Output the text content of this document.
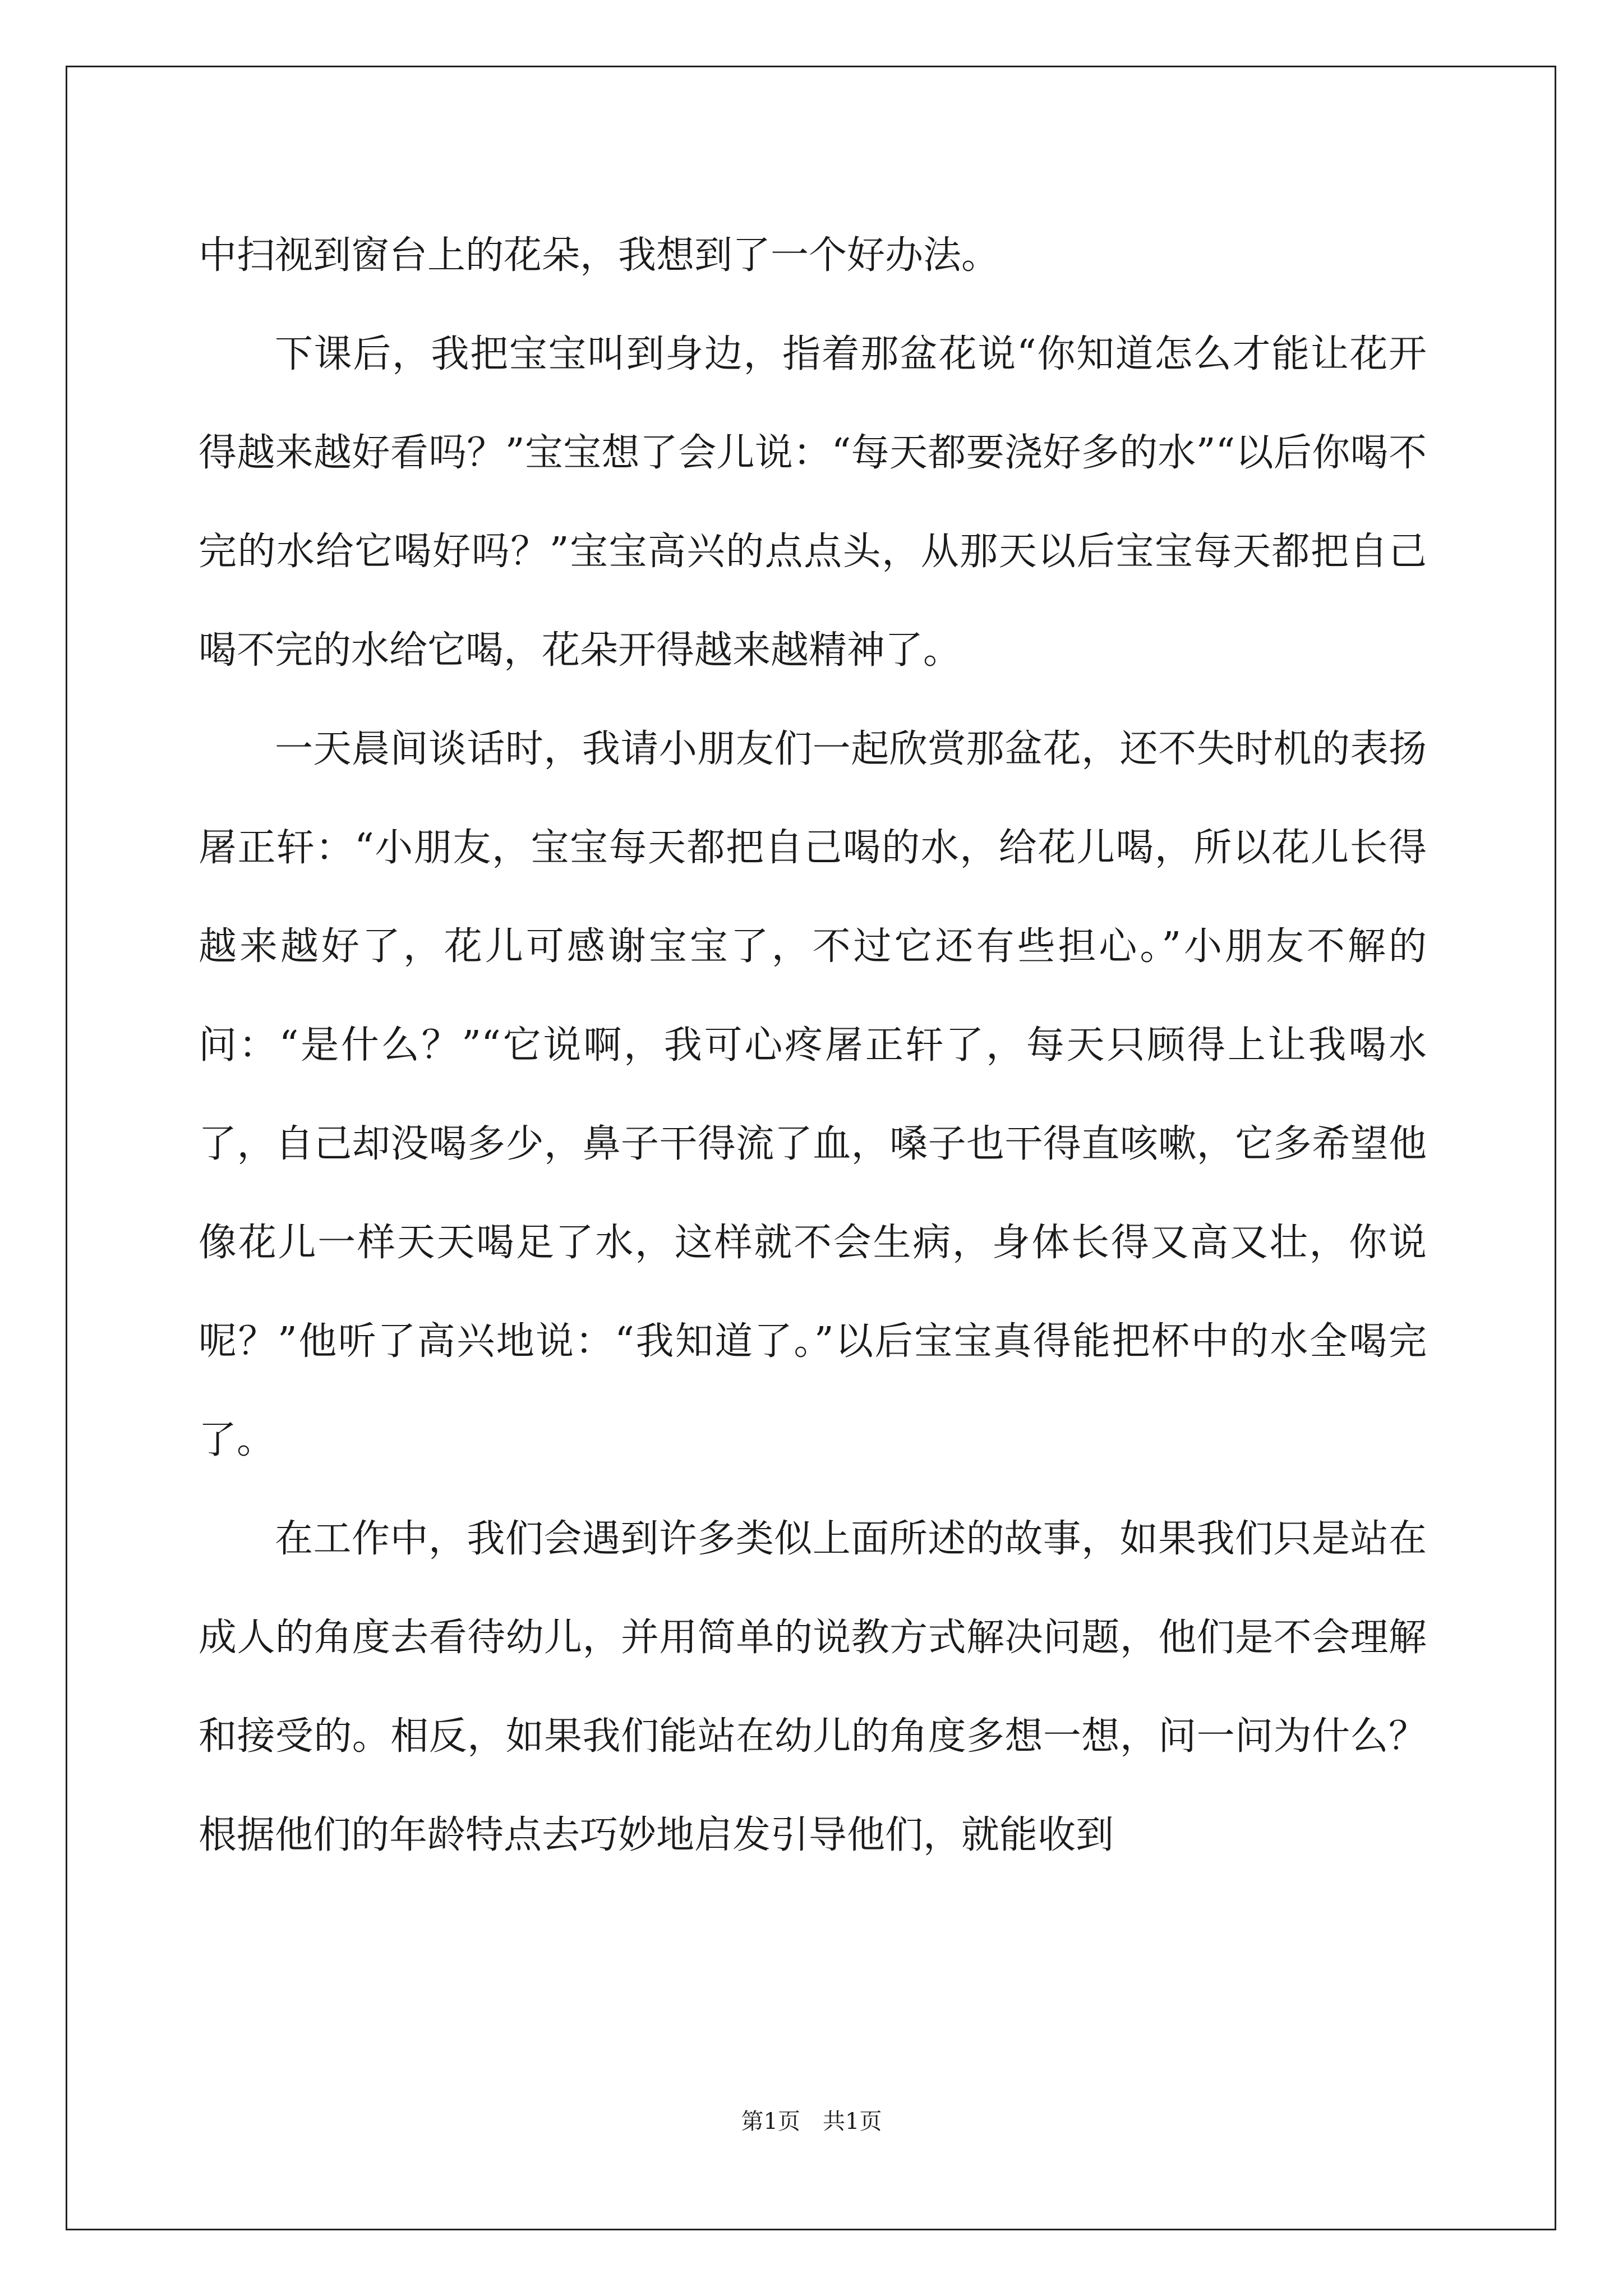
中扫视到窗台上的花朵，我想到了一个好办法。

下课后，我把宝宝叫到身边，指着那盆花说“你知道怎么才能让花开得越来越好看吗？”宝宝想了会儿说：“每天都要浇好多的水”“以后你喝不完的水给它喝好吗？”宝宝高兴的点点头，从那天以后宝宝每天都把自己喝不完的水给它喝，花朵开得越来越精神了。

一天晨间谈话时，我请小朋友们一起欣赏那盆花，还不失时机的表扬屠正轩：“小朋友，宝宝每天都把自己喝的水，给花儿喝，所以花儿长得越来越好了，花儿可感谢宝宝了，不过它还有些担心。”小朋友不解的问：“是什么？”“它说啊，我可心疼屠正轩了，每天只顾得上让我喝水了，自己却没喝多少，鼻子干得流了血，嗓子也干得直咳嗽，它多希望他像花儿一样天天喝足了水，这样就不会生病，身体长得又高又壮，你说呢？”他听了高兴地说：“我知道了。”以后宝宝真得能把杯中的水全喝完了。

在工作中，我们会遇到许多类似上面所述的故事，如果我们只是站在成人的角度去看待幼儿，并用简单的说教方式解决问题，他们是不会理解和接受的。相反，如果我们能站在幼儿的角度多想一想，问一问为什么？根据他们的年龄特点去巧妙地启发引导他们，就能收到

第1页 共1页
